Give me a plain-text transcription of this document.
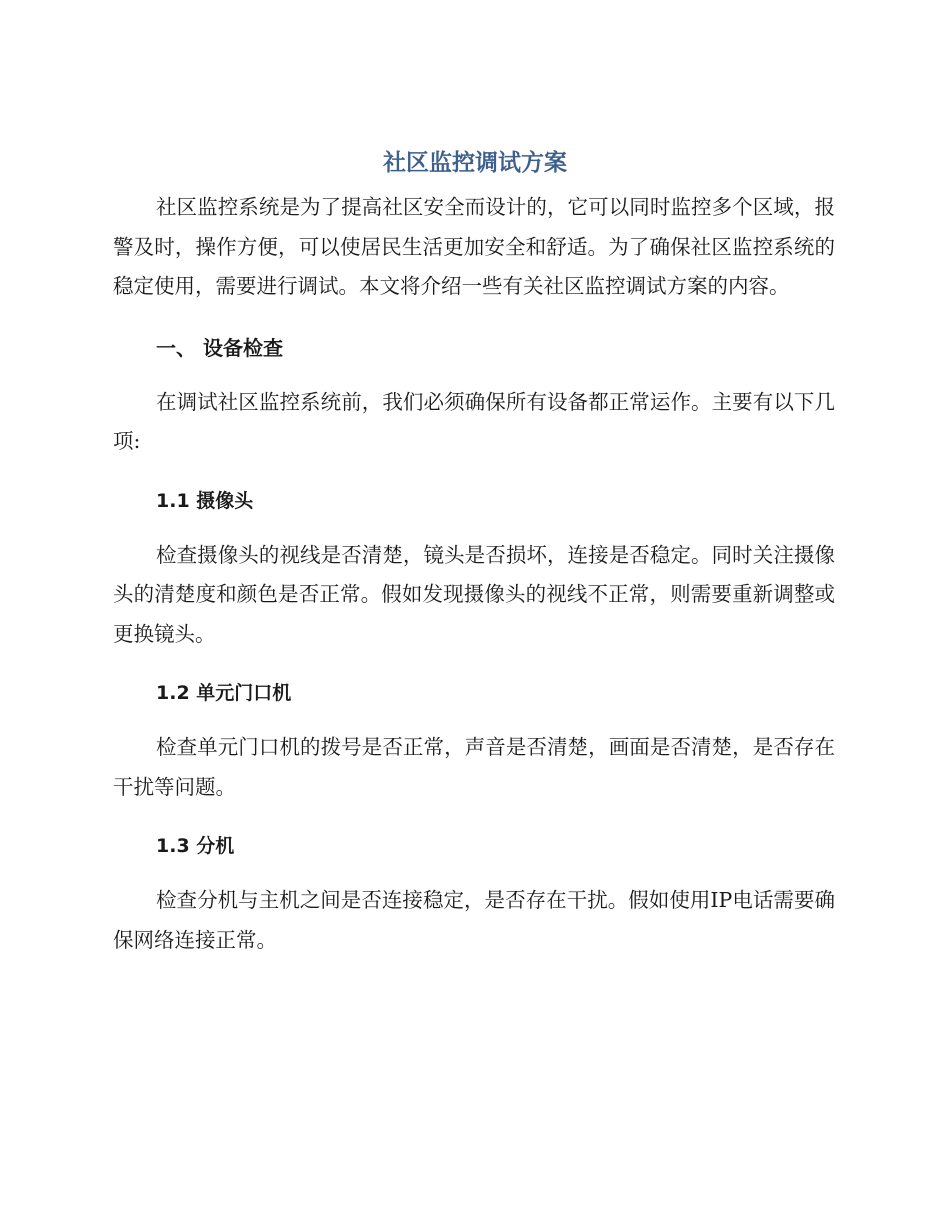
社区监控调试方案

社区监控系统是为了提高社区安全而设计的，它可以同时监控多个区域，报警及时，操作方便，可以使居民生活更加安全和舒适。为了确保社区监控系统的稳定使用，需要进行调试。本文将介绍一些有关社区监控调试方案的内容。

一、 设备检查

在调试社区监控系统前，我们必须确保所有设备都正常运作。主要有以下几项:

1.1 摄像头

检查摄像头的视线是否清楚，镜头是否损坏，连接是否稳定。同时关注摄像头的清楚度和颜色是否正常。假如发现摄像头的视线不正常，则需要重新调整或更换镜头。

1.2 单元门口机

检查单元门口机的拨号是否正常，声音是否清楚，画面是否清楚，是否存在干扰等问题。

1.3 分机

检查分机与主机之间是否连接稳定，是否存在干扰。假如使用IP电话需要确保网络连接正常。
